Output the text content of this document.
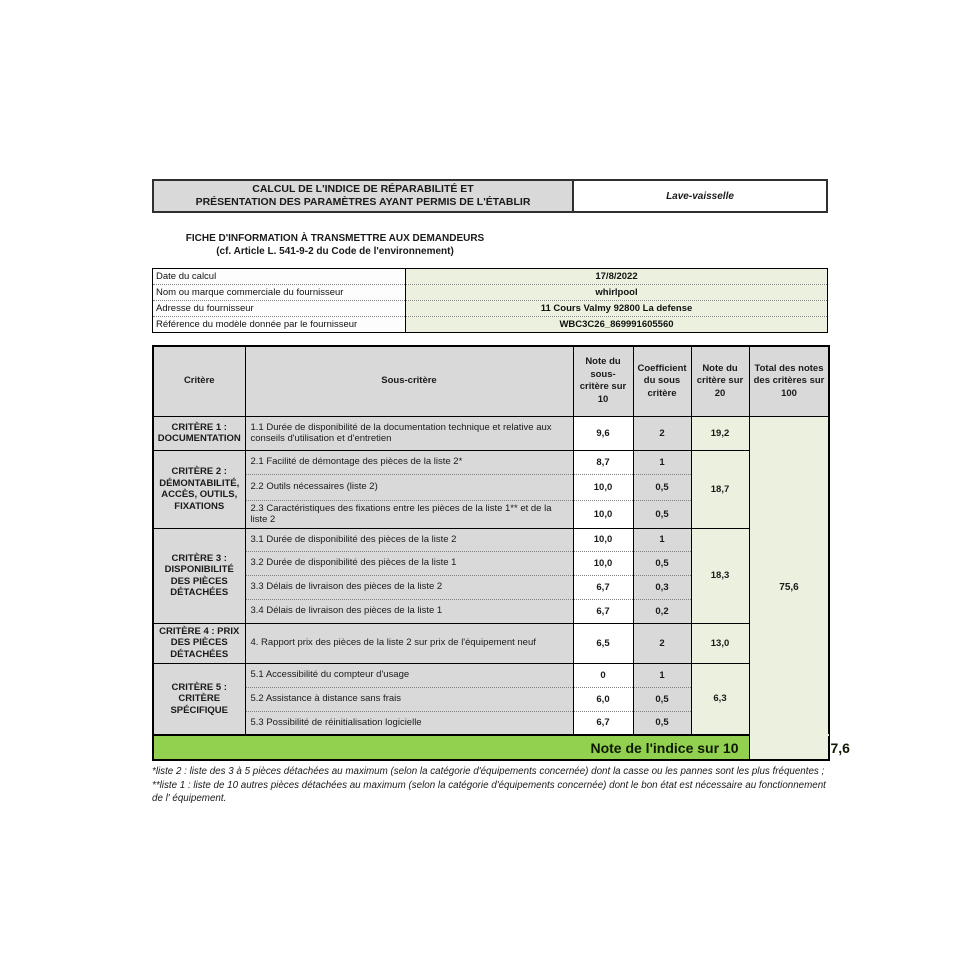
CALCUL DE L'INDICE DE RÉPARABILITÉ ET
PRÉSENTATION DES PARAMÈTRES AYANT PERMIS DE L'ÉTABLIR	Lave-vaisselle
FICHE D'INFORMATION À TRANSMETTRE AUX DEMANDEURS
(cf. Article L. 541-9-2 du Code de l'environnement)
Date du calcul	17/8/2022
Nom ou marque commerciale du fournisseur	whirlpool
Adresse du fournisseur	11 Cours Valmy 92800 La defense
Référence du modèle donnée par le fournisseur	WBC3C26_869991605560
Critère	Sous-critère	Note du sous-critère sur 10	Coefficient du sous critère	Note du critère sur 20	Total des notes des critères sur 100	
CRITÈRE 1 : DOCUMENTATION	1.1 Durée de disponibilité de la documentation technique et relative aux conseils d'utilisation et d'entretien	9,6	2	19,2	75,6	
CRITÈRE 2 : DÉMONTABILITÉ, ACCÈS, OUTILS, FIXATIONS	2.1 Facilité de démontage des pièces de la liste 2*	8,7	1	18,7		
	2.2 Outils nécessaires (liste 2)	10,0	0,5			
	2.3 Caractéristiques des fixations entre les pièces de la liste 1** et de la liste 2	10,0	0,5			
CRITÈRE 3 : DISPONIBILITÉ DES PIÈCES DÉTACHÉES	3.1 Durée de disponibilité des pièces de la liste 2	10,0	1	18,3		
	3.2 Durée de disponibilité des pièces de la liste 1	10,0	0,5			
	3.3 Délais de livraison des pièces de la liste 2	6,7	0,3			
	3.4 Délais de livraison des pièces de la liste 1	6,7	0,2			
CRITÈRE 4 : PRIX DES PIÈCES DÉTACHÉES	4. Rapport prix des pièces de la liste 2 sur prix de l'équipement neuf	6,5	2	13,0		
CRITÈRE 5 : CRITÈRE SPÉCIFIQUE	5.1 Accessibilité du compteur d'usage	0	1	6,3		
	5.2 Assistance à distance sans frais	6,0	0,5			
	5.3 Possibilité de réinitialisation logicielle	6,7	0,5			
Note de l'indice sur 10						7,6
*liste 2 : liste des 3 à 5 pièces détachées au maximum (selon la catégorie d'équipements concernée) dont la casse ou les pannes sont les plus fréquentes ;
**liste 1 : liste de 10 autres pièces détachées au maximum (selon la catégorie d'équipements concernée) dont le bon état est nécessaire au fonctionnement de l' équipement.
